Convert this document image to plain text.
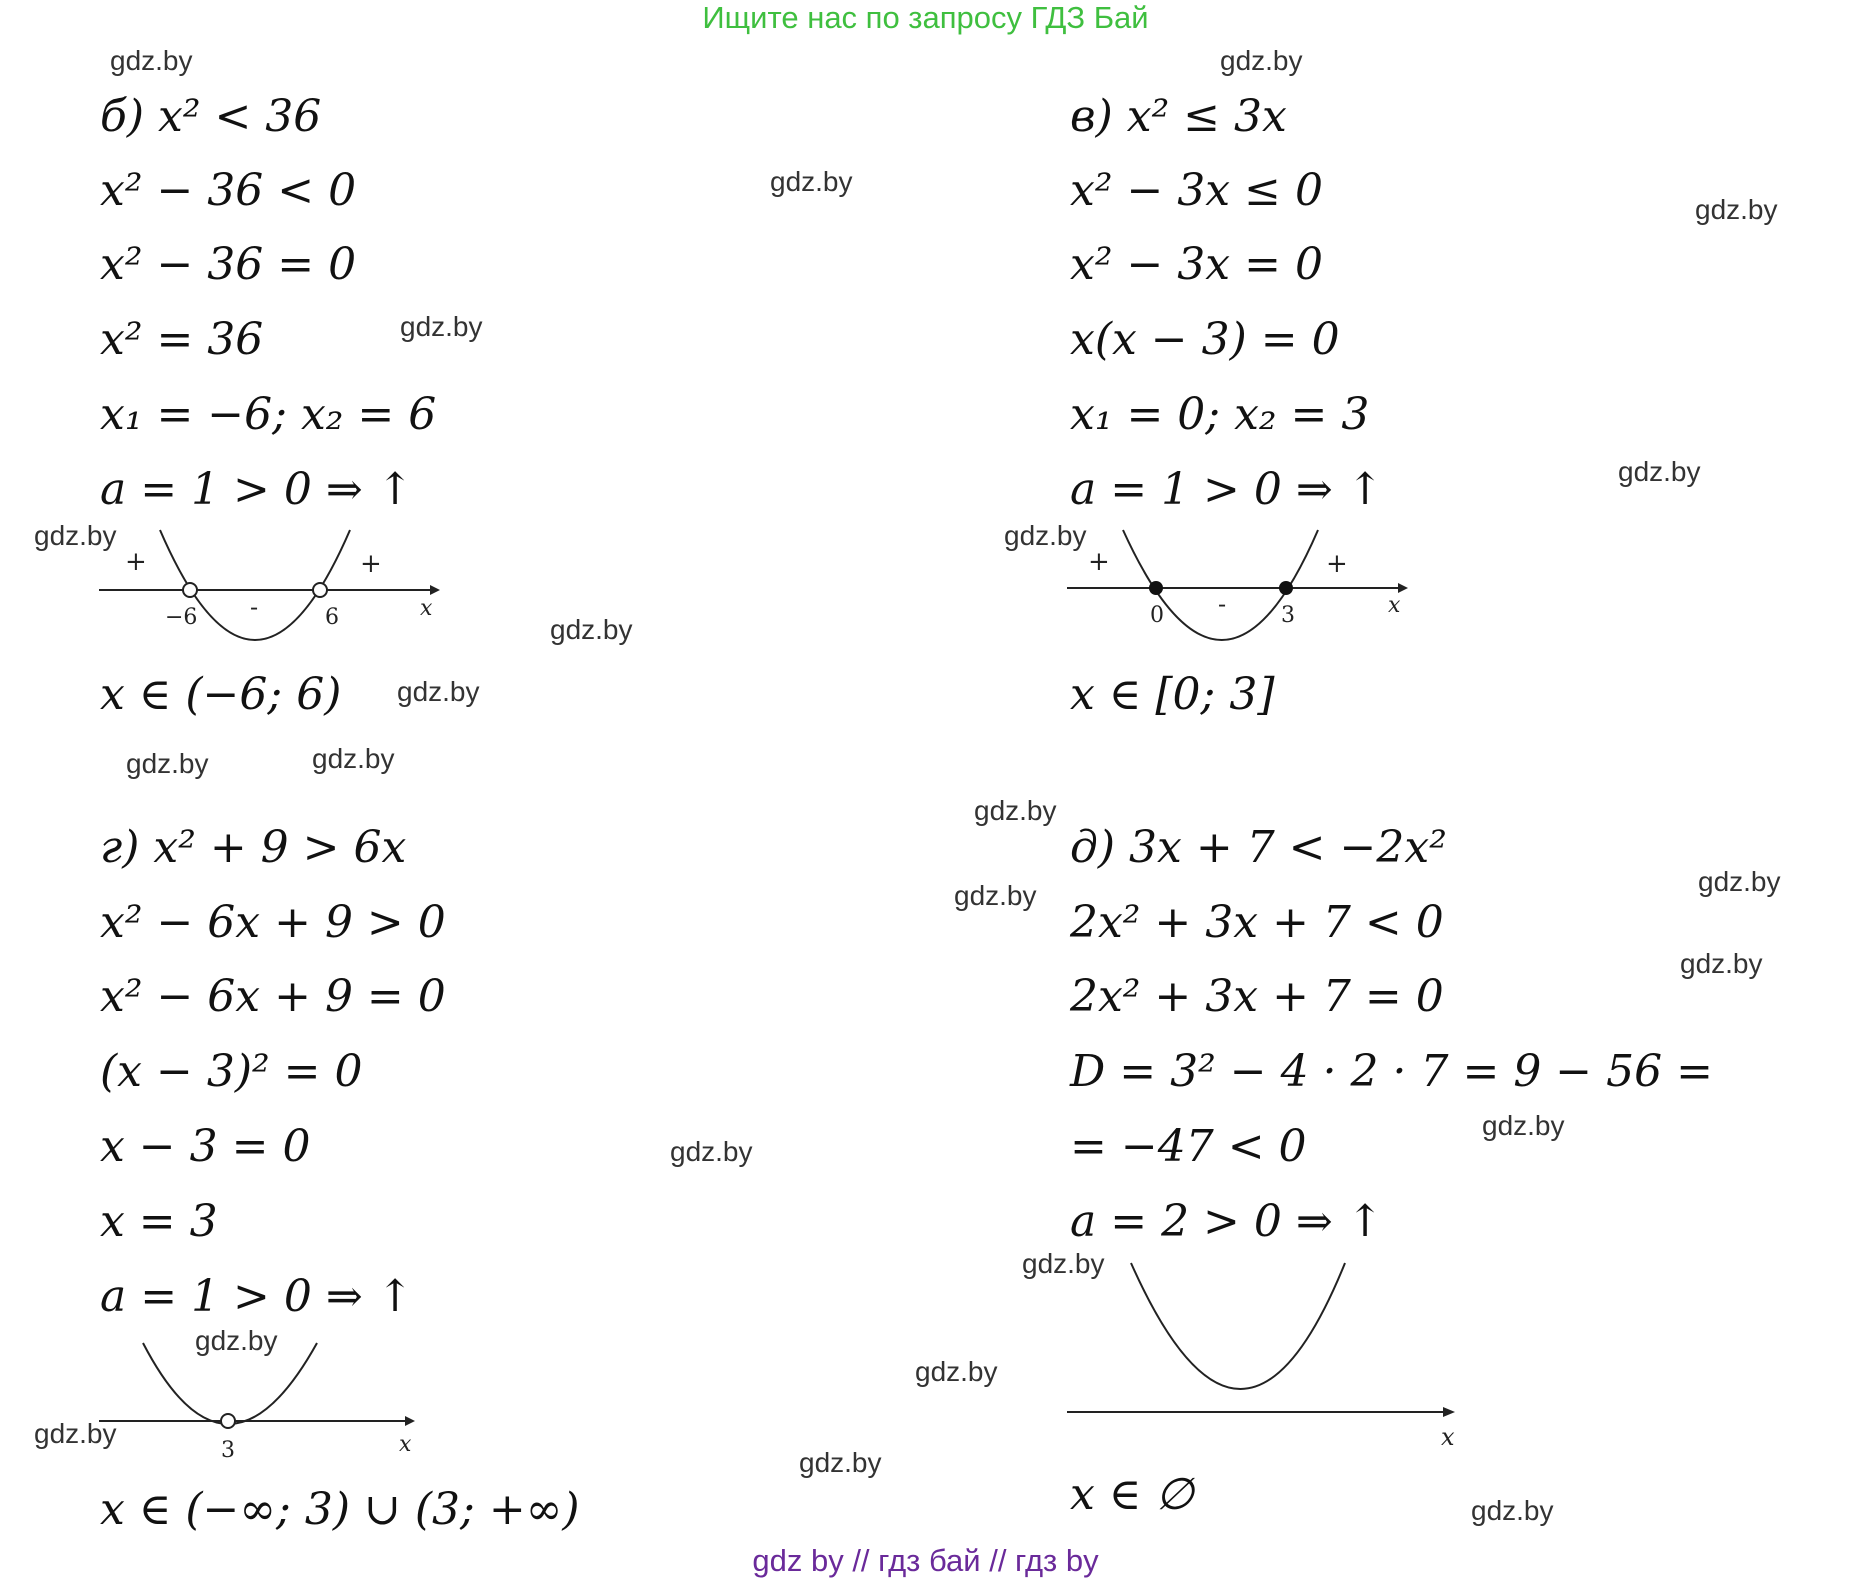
Ищите нас по запросу ГДЗ Бай
gdz by // гдз бай // гдз by
б) x² < 36
x² − 36 < 0
x² − 36 = 0
x² = 36
x₁ = −6; x₂ = 6
a = 1 > 0 ⇒ ↑
+	+
-
−6	6	x
x ∈ (−6; 6)
в) x² ≤ 3x
x² − 3x ≤ 0
x² − 3x = 0
x(x − 3) = 0
x₁ = 0; x₂ = 3
a = 1 > 0 ⇒ ↑
+	+
-
0	3	x
x ∈ [0; 3]
г) x² + 9 > 6x
x² − 6x + 9 > 0
x² − 6x + 9 = 0
(x − 3)² = 0
x − 3 = 0
x = 3
a = 1 > 0 ⇒ ↑
3	x
x ∈ (−∞; 3) ∪ (3; +∞)
д) 3x + 7 < −2x²
2x² + 3x + 7 < 0
2x² + 3x + 7 = 0
D = 3² − 4 · 2 · 7 = 9 − 56 =
= −47 < 0
a = 2 > 0 ⇒ ↑
x
x ∈ ∅
gdz.by	gdz.by
gdz.by
gdz.by
gdz.by
gdz.by
gdz.by	gdz.by
gdz.by
gdz.by
gdz.by	gdz.by
gdz.by
gdz.by	gdz.by
gdz.by
gdz.by
gdz.by
gdz.by
gdz.by
gdz.by
gdz.by
gdz.by
gdz.by
